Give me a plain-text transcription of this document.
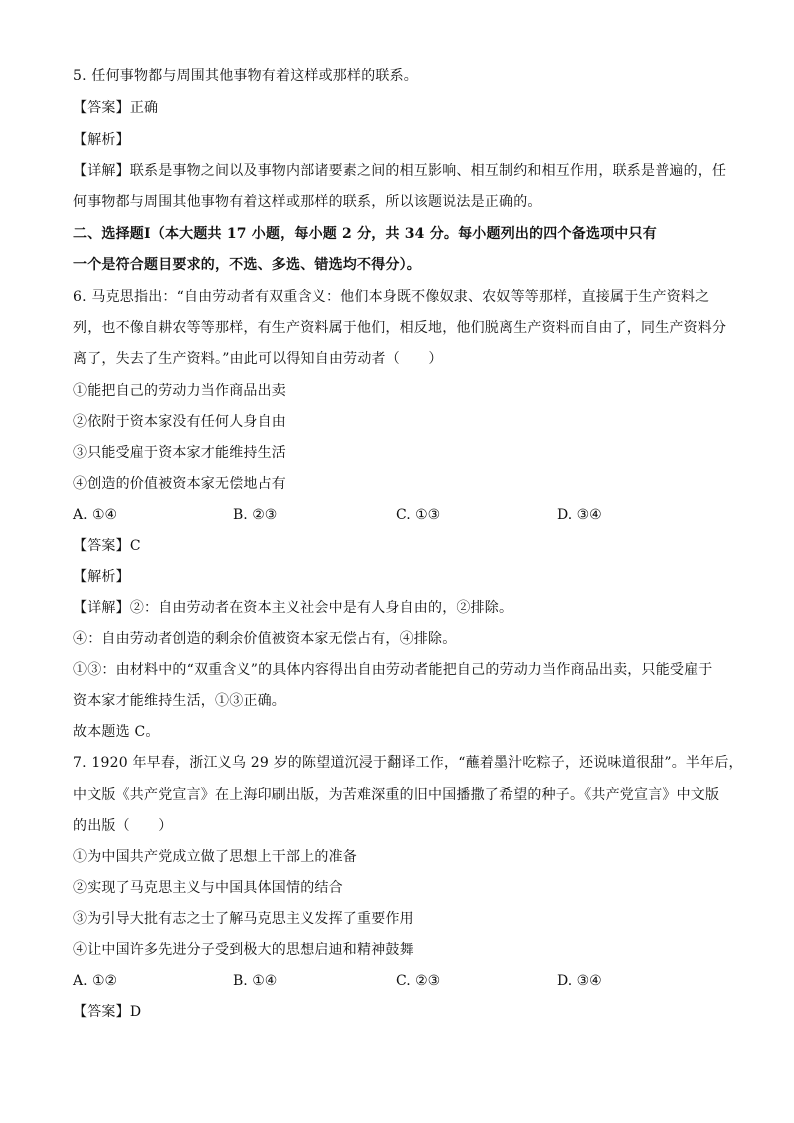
5. 任何事物都与周围其他事物有着这样或那样的联系。
【答案】正确
【解析】
【详解】联系是事物之间以及事物内部诸要素之间的相互影响、相互制约和相互作用，联系是普遍的，任
何事物都与周围其他事物有着这样或那样的联系，所以该题说法是正确的。
二、选择题Ⅰ（本大题共 17 小题，每小题 2 分，共 34 分。每小题列出的四个备选项中只有
一个是符合题目要求的，不选、多选、错选均不得分）。
6. 马克思指出：“自由劳动者有双重含义：他们本身既不像奴隶、农奴等等那样，直接属于生产资料之
列，也不像自耕农等等那样，有生产资料属于他们，相反地，他们脱离生产资料而自由了，同生产资料分
离了，失去了生产资料。”由此可以得知自由劳动者（　　）
①能把自己的劳动力当作商品出卖
②依附于资本家没有任何人身自由
③只能受雇于资本家才能维持生活
④创造的价值被资本家无偿地占有
A. ①④	B. ②③	C. ①③	D. ③④
【答案】C
【解析】
【详解】②：自由劳动者在资本主义社会中是有人身自由的，②排除。
④：自由劳动者创造的剩余价值被资本家无偿占有，④排除。
①③：由材料中的“双重含义”的具体内容得出自由劳动者能把自己的劳动力当作商品出卖，只能受雇于
资本家才能维持生活，①③正确。
故本题选 C。
7. 1920 年早春，浙江义乌 29 岁的陈望道沉浸于翻译工作，“蘸着墨汁吃粽子，还说味道很甜”。半年后，
中文版《共产党宣言》在上海印刷出版，为苦难深重的旧中国播撒了希望的种子。《共产党宣言》中文版
的出版（　　）
①为中国共产党成立做了思想上干部上的准备
②实现了马克思主义与中国具体国情的结合
③为引导大批有志之士了解马克思主义发挥了重要作用
④让中国许多先进分子受到极大的思想启迪和精神鼓舞
A. ①②	B. ①④	C. ②③	D. ③④
【答案】D
